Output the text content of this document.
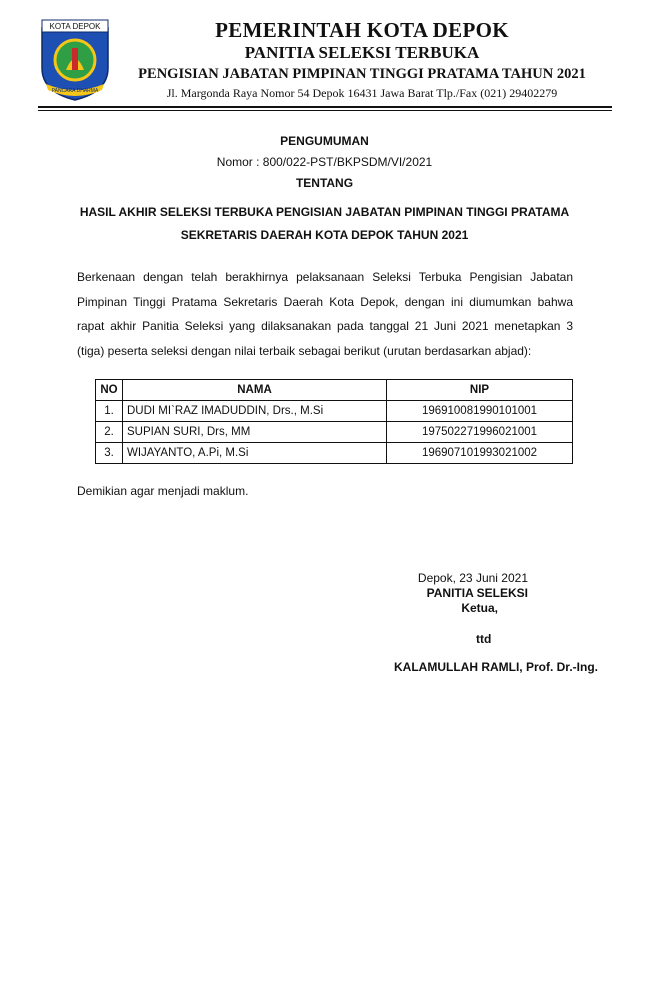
KOTA DEPOK
PANCARA DHARMA
PEMERINTAH KOTA DEPOK
PANITIA SELEKSI TERBUKA
PENGISIAN JABATAN PIMPINAN TINGGI PRATAMA TAHUN 2021
Jl. Margonda Raya Nomor 54 Depok 16431 Jawa Barat Tlp./Fax (021) 29402279
PENGUMUMAN
Nomor : 800/022-PST/BKPSDM/VI/2021
TENTANG
HASIL AKHIR SELEKSI TERBUKA PENGISIAN JABATAN PIMPINAN TINGGI PRATAMA
SEKRETARIS DAERAH KOTA DEPOK TAHUN 2021
Berkenaan dengan telah berakhirnya pelaksanaan Seleksi Terbuka Pengisian Jabatan Pimpinan Tinggi Pratama Sekretaris Daerah Kota Depok, dengan ini diumumkan bahwa rapat akhir Panitia Seleksi yang dilaksanakan pada tanggal 21 Juni 2021 menetapkan 3 (tiga) peserta seleksi dengan nilai terbaik sebagai berikut (urutan berdasarkan abjad):
NO	NAMA	NIP
1.	DUDI MI`RAZ IMADUDDIN, Drs., M.Si	196910081990101001
2.	SUPIAN SURI, Drs, MM	197502271996021001
3.	WIJAYANTO, A.Pi, M.Si	196907101993021002
Demikian agar menjadi maklum.
Depok, 23 Juni 2021
PANITIA SELEKSI
Ketua,
ttd
KALAMULLAH RAMLI, Prof. Dr.-Ing.
